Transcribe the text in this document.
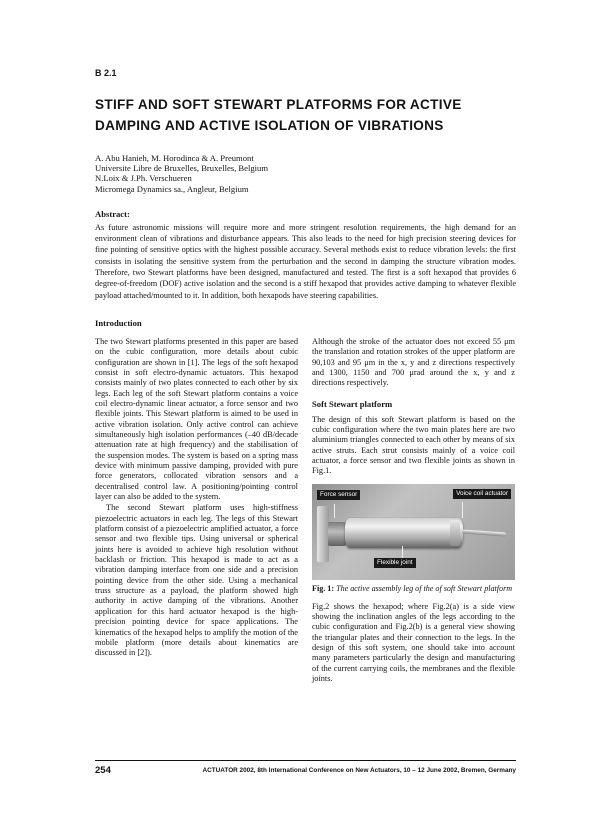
B 2.1
STIFF AND SOFT STEWART PLATFORMS FOR ACTIVE DAMPING AND ACTIVE ISOLATION OF VIBRATIONS
A. Abu Hanieh, M. Horodinca & A. Preumont
Universite Libre de Bruxelles, Bruxelles, Belgium
N.Loix & J.Ph. Verschueren
Micromega Dynamics sa., Angleur, Belgium
Abstract:
As future astronomic missions will require more and more stringent resolution requirements, the high demand for an environment clean of vibrations and disturbance appears. This also leads to the need for high precision steering devices for fine pointing of sensitive optics with the highest possible accuracy. Several methods exist to reduce vibration levels: the first consists in isolating the sensitive system from the perturbation and the second in damping the structure vibration modes. Therefore, two Stewart platforms have been designed, manufactured and tested. The first is a soft hexapod that provides 6 degree-of-freedom (DOF) active isolation and the second is a stiff hexapod that provides active damping to whatever flexible payload attached/mounted to it. In addition, both hexapods have steering capabilities.
Introduction

The two Stewart platforms presented in this paper are based on the cubic configuration, more details about cubic configuration are shown in [1]. The legs of the soft hexapod consist in soft electro-dynamic actuators. This hexapod consists mainly of two plates connected to each other by six legs. Each leg of the soft Stewart platform contains a voice coil electro-dynamic linear actuator, a force sensor and two flexible joints. This Stewart platform is aimed to be used in active vibration isolation. Only active control can achieve simultaneously high isolation performances (–40 dB/decade attenuation rate at high frequency) and the stabilisation of the suspension modes. The system is based on a spring mass device with minimum passive damping, provided with pure force generators, collocated vibration sensors and a decentralised control law. A positioning/pointing control layer can also be added to the system.

The second Stewart platform uses high-stiffness piezoelectric actuators in each leg. The legs of this Stewart platform consist of a piezoelectric amplified actuator, a force sensor and two flexible tips. Using universal or spherical joints here is avoided to achieve high resolution without backlash or friction. This hexapod is made to act as a vibration damping interface from one side and a precision pointing device from the other side. Using a mechanical truss structure as a payload, the platform showed high authority in active damping of the vibrations. Another application for this hard actuator hexapod is the high-precision pointing device for space applications. The kinematics of the hexapod helps to amplify the motion of the mobile platform (more details about kinematics are discussed in [2]).

Although the stroke of the actuator does not exceed 55 μm the translation and rotation strokes of the upper platform are 90,103 and 95 μm in the x, y and z directions respectively and 1300, 1150 and 700 μrad around the x, y and z directions respectively.

Soft Stewart platform

The design of this soft Stewart platform is based on the cubic configuration where the two main plates here are two aluminium triangles connected to each other by means of six active struts. Each strut consists mainly of a voice coil actuator, a force sensor and two flexible joints as shown in Fig.1.

Force sensor	Voice coil actuator
Flexible joint
Fig. 1: The active assembly leg of the of soft Stewart platform

Fig.2 shows the hexapod; where Fig.2(a) is a side view showing the inclination angles of the legs according to the cubic configuration and Fig.2(b) is a general view showing the triangular plates and their connection to the legs. In the design of this soft system, one should take into account many parameters particularly the design and manufacturing of the current carrying coils, the membranes and the flexible joints.

254	ACTUATOR 2002, 8th International Conference on New Actuators, 10 – 12 June 2002, Bremen, Germany
